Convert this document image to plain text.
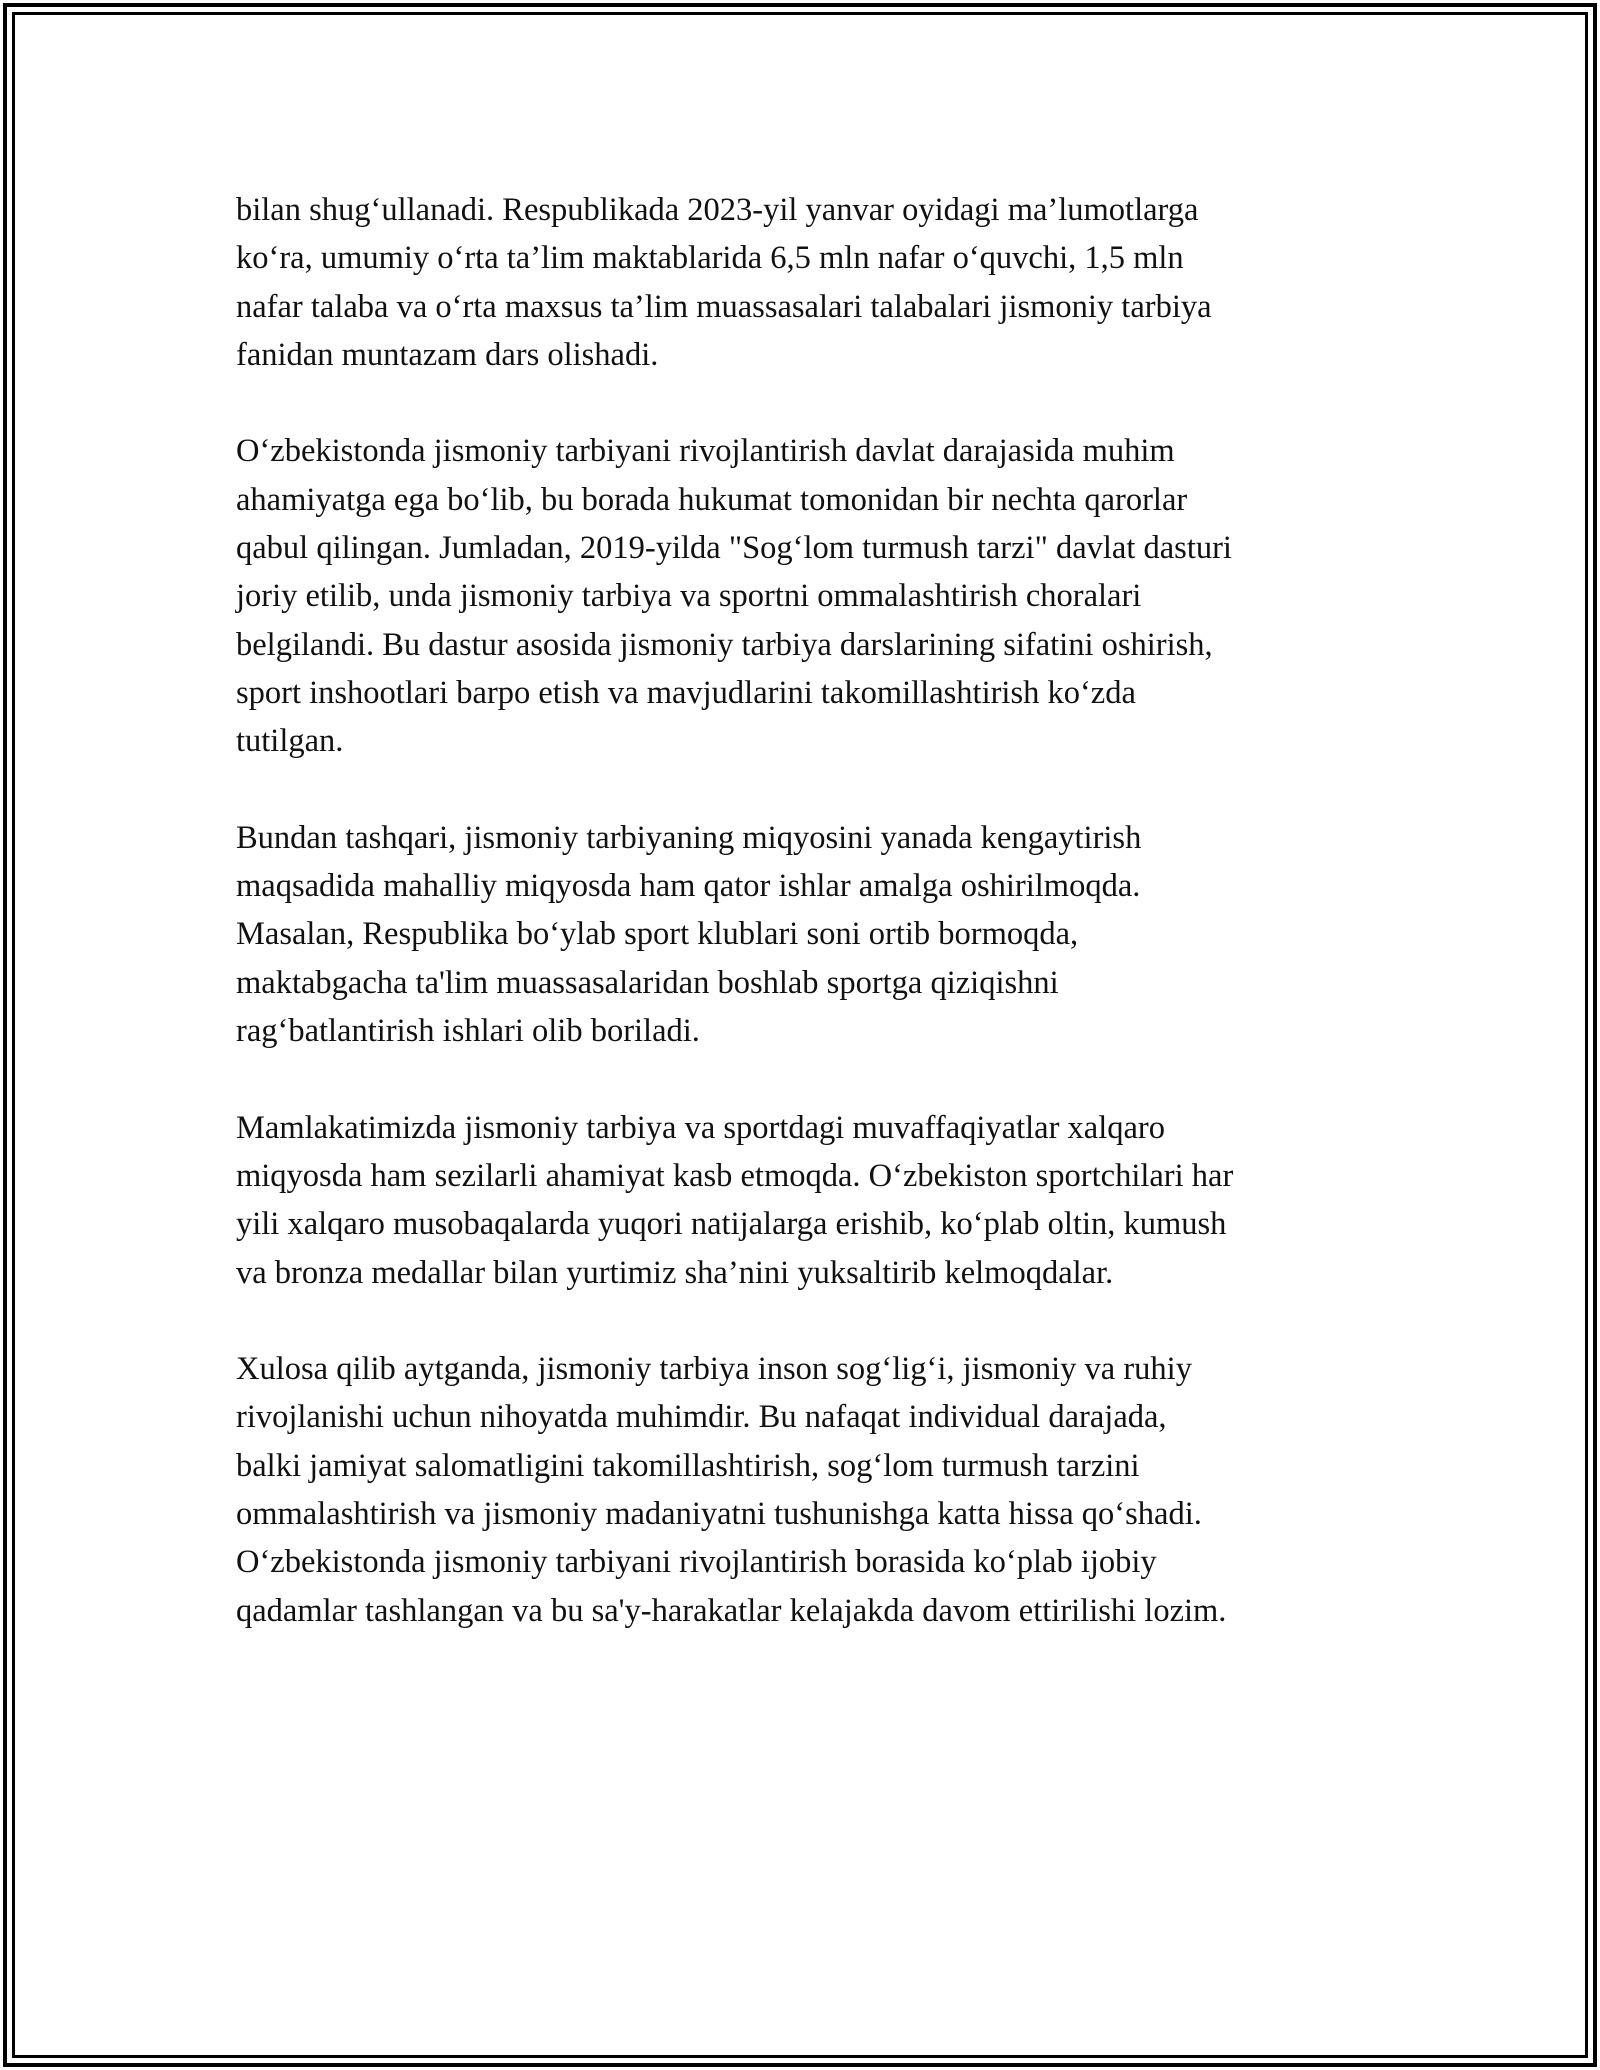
bilan shug‘ullanadi. Respublikada 2023-yil yanvar oyidagi ma’lumotlarga
ko‘ra, umumiy o‘rta ta’lim maktablarida 6,5 mln nafar o‘quvchi, 1,5 mln
nafar talaba va o‘rta maxsus ta’lim muassasalari talabalari jismoniy tarbiya
fanidan muntazam dars olishadi.

O‘zbekistonda jismoniy tarbiyani rivojlantirish davlat darajasida muhim
ahamiyatga ega bo‘lib, bu borada hukumat tomonidan bir nechta qarorlar
qabul qilingan. Jumladan, 2019-yilda "Sog‘lom turmush tarzi" davlat dasturi
joriy etilib, unda jismoniy tarbiya va sportni ommalashtirish choralari
belgilandi. Bu dastur asosida jismoniy tarbiya darslarining sifatini oshirish,
sport inshootlari barpo etish va mavjudlarini takomillashtirish ko‘zda
tutilgan.

Bundan tashqari, jismoniy tarbiyaning miqyosini yanada kengaytirish
maqsadida mahalliy miqyosda ham qator ishlar amalga oshirilmoqda.
Masalan, Respublika bo‘ylab sport klublari soni ortib bormoqda,
maktabgacha ta'lim muassasalaridan boshlab sportga qiziqishni
rag‘batlantirish ishlari olib boriladi.

Mamlakatimizda jismoniy tarbiya va sportdagi muvaffaqiyatlar xalqaro
miqyosda ham sezilarli ahamiyat kasb etmoqda. O‘zbekiston sportchilari har
yili xalqaro musobaqalarda yuqori natijalarga erishib, ko‘plab oltin, kumush
va bronza medallar bilan yurtimiz sha’nini yuksaltirib kelmoqdalar.

Xulosa qilib aytganda, jismoniy tarbiya inson sog‘lig‘i, jismoniy va ruhiy
rivojlanishi uchun nihoyatda muhimdir. Bu nafaqat individual darajada,
balki jamiyat salomatligini takomillashtirish, sog‘lom turmush tarzini
ommalashtirish va jismoniy madaniyatni tushunishga katta hissa qo‘shadi.
O‘zbekistonda jismoniy tarbiyani rivojlantirish borasida ko‘plab ijobiy
qadamlar tashlangan va bu sa'y-harakatlar kelajakda davom ettirilishi lozim.
